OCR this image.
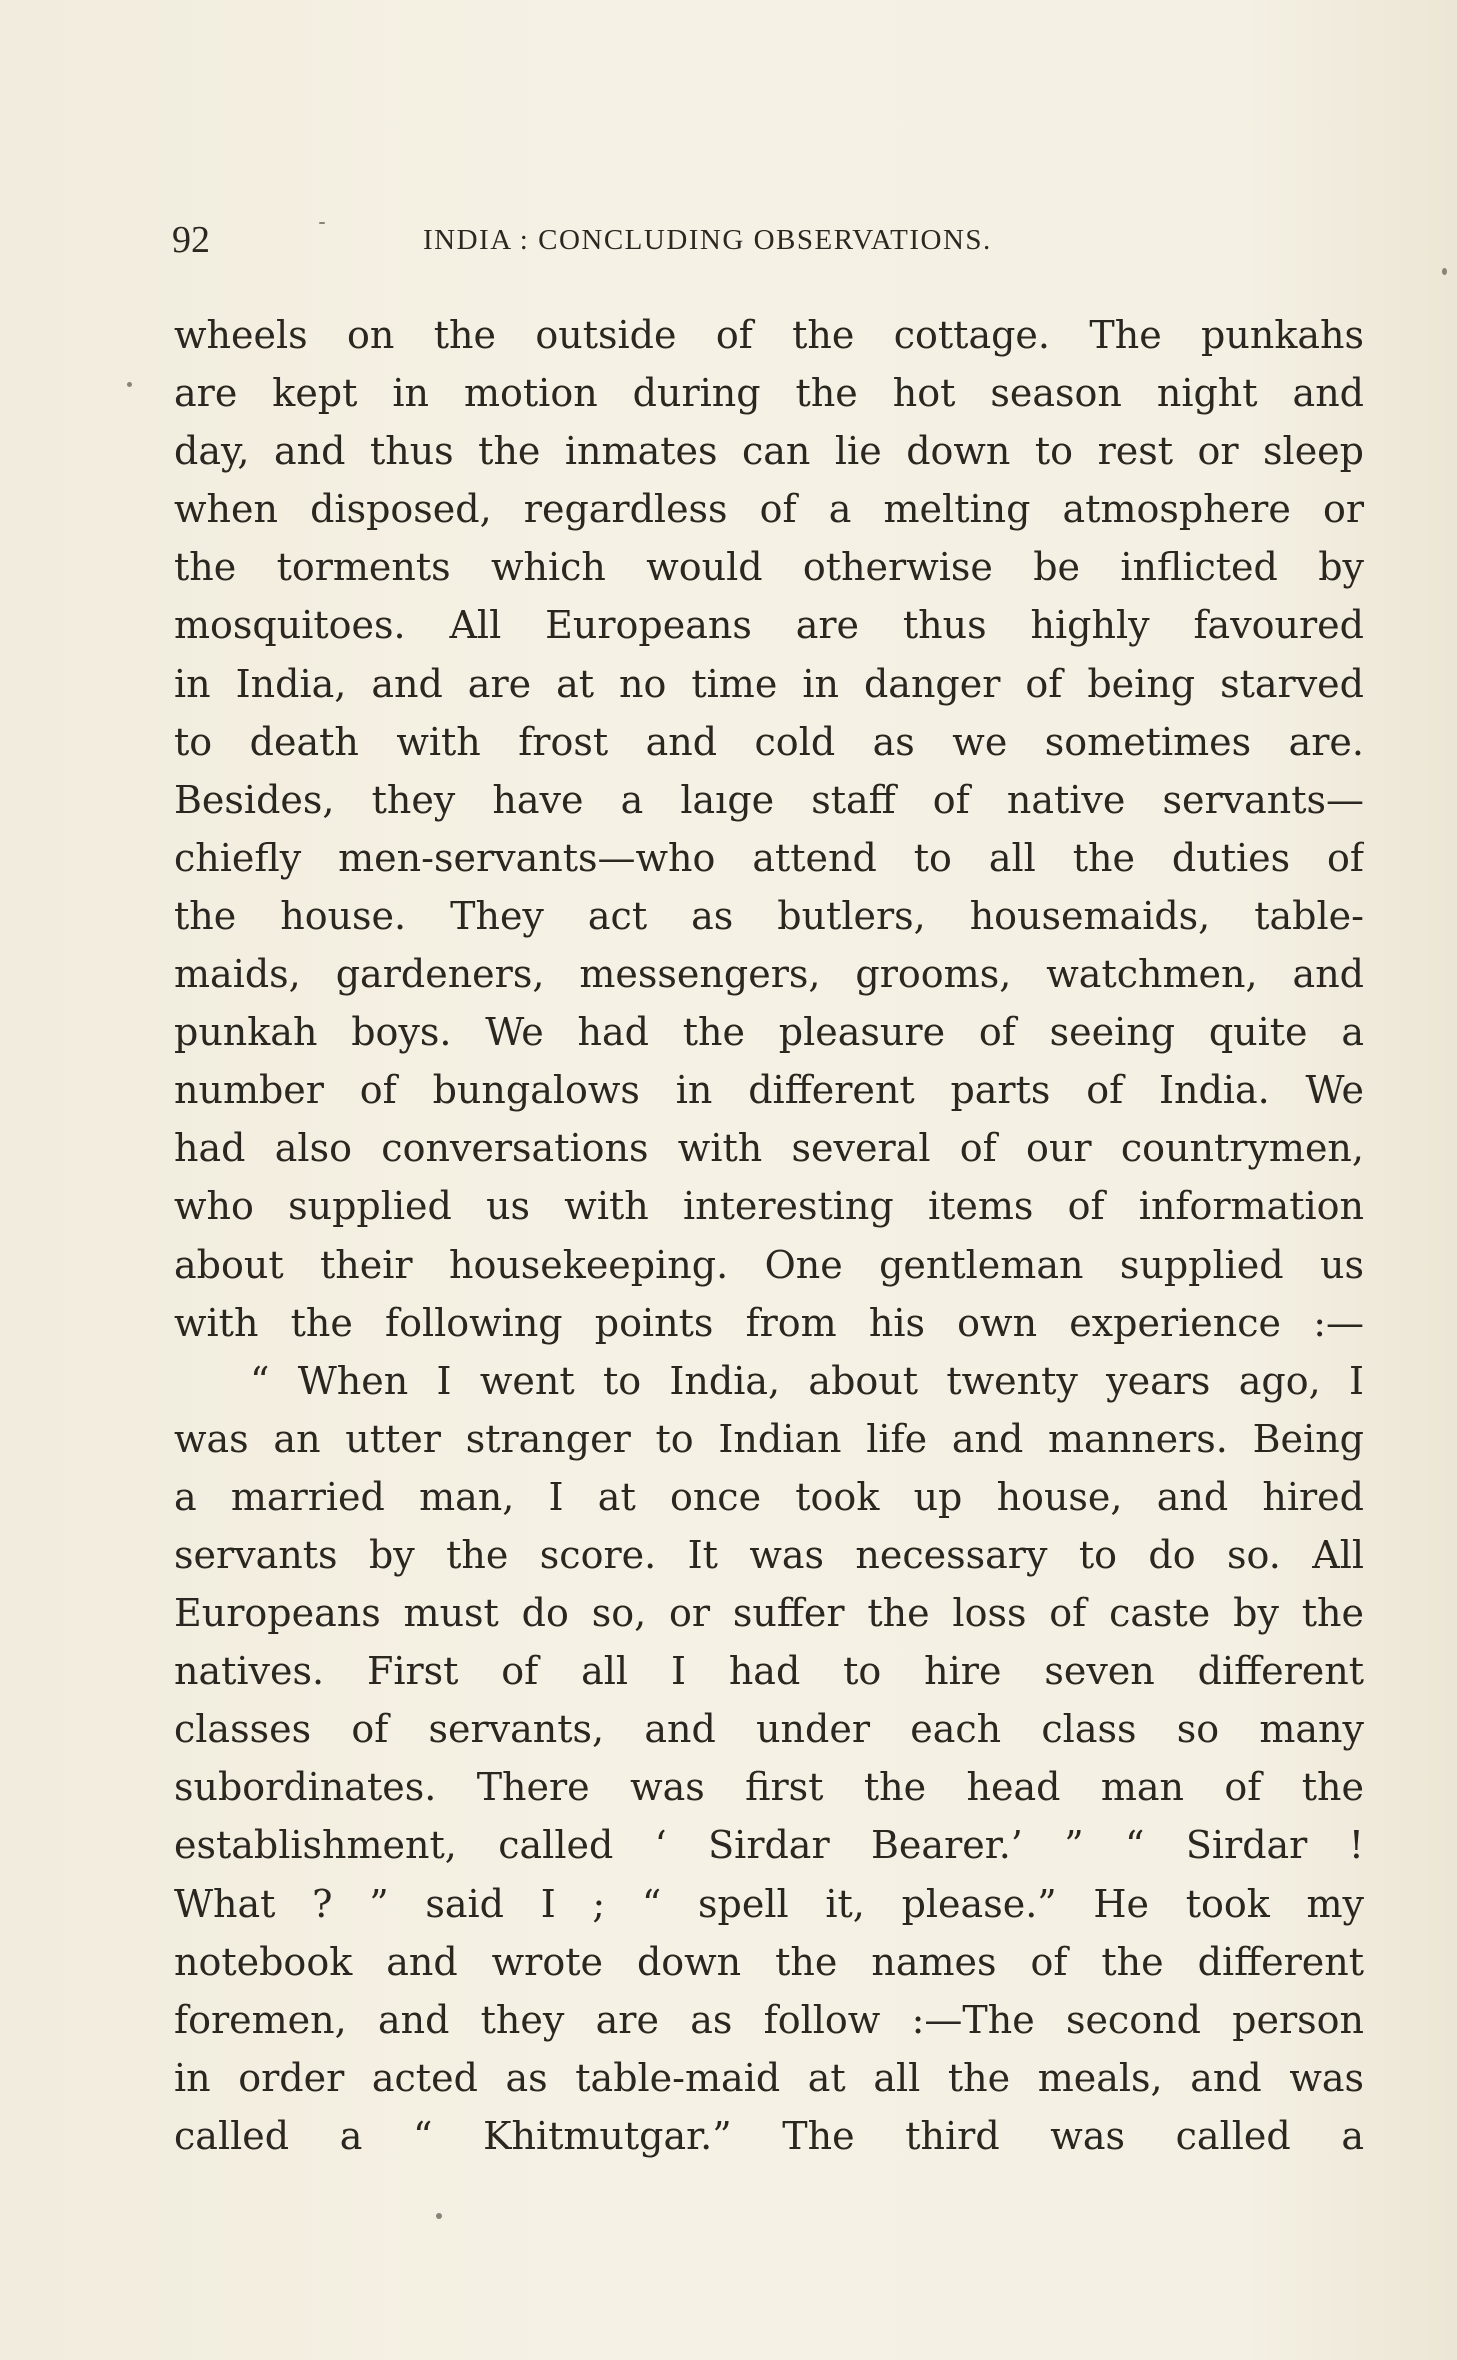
92	INDIA : CONCLUDING OBSERVATIONS.
wheels on the outside of the cottage. The punkahs
are kept in motion during the hot season night and
day, and thus the inmates can lie down to rest or sleep
when disposed, regardless of a melting atmosphere or
the torments which would otherwise be inflicted by
mosquitoes. All Europeans are thus highly favoured
in India, and are at no time in danger of being starved
to death with frost and cold as we sometimes are.
Besides, they have a laıge staff of native servants—
chiefly men-servants—who attend to all the duties of
the house. They act as butlers, housemaids, table-
maids, gardeners, messengers, grooms, watchmen, and
punkah boys. We had the pleasure of seeing quite a
number of bungalows in different parts of India. We
had also conversations with several of our countrymen,
who supplied us with interesting items of information
about their housekeeping. One gentleman supplied us
with the following points from his own experience :—
“ When I went to India, about twenty years ago, I
was an utter stranger to Indian life and manners. Being
a married man, I at once took up house, and hired
servants by the score. It was necessary to do so. All
Europeans must do so, or suffer the loss of caste by the
natives. First of all I had to hire seven different
classes of servants, and under each class so many
subordinates. There was first the head man of the
establishment, called ‘ Sirdar Bearer.’ ” “ Sirdar !
What ? ” said I ; “ spell it, please.” He took my
notebook and wrote down the names of the different
foremen, and they are as follow :—The second person
in order acted as table-maid at all the meals, and was
called a “ Khitmutgar.” The third was called a
